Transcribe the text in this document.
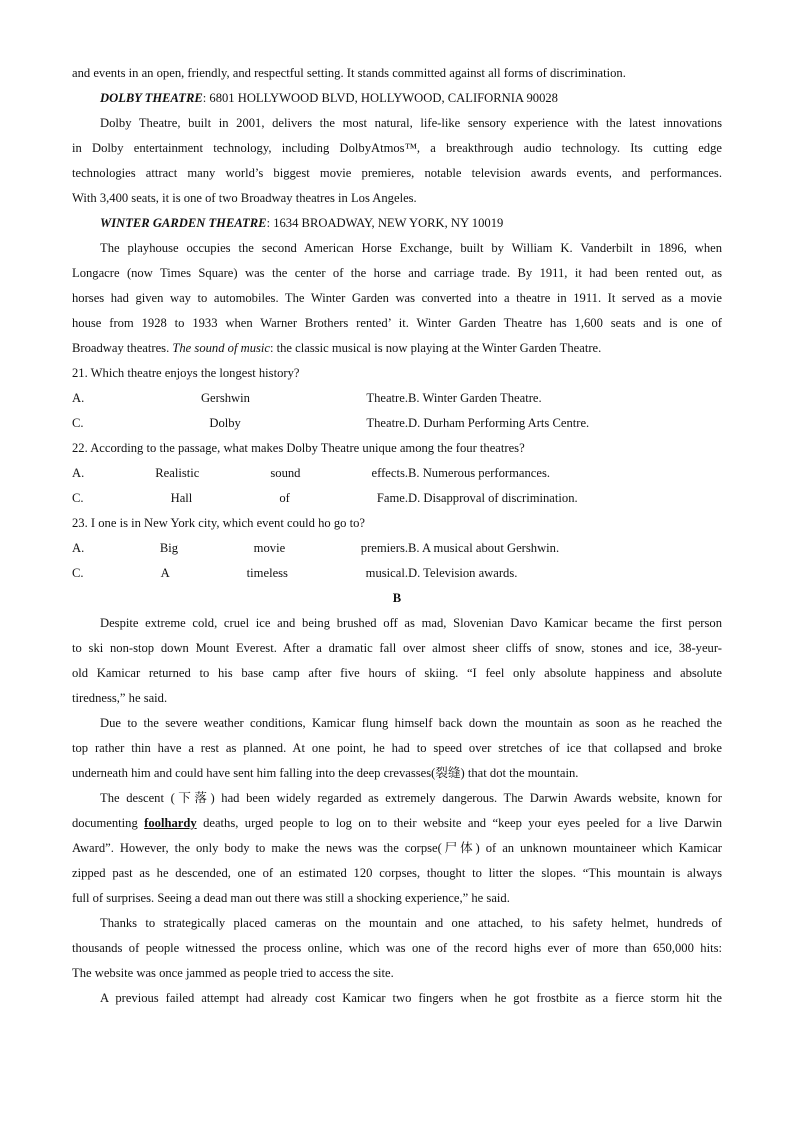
and events in an open, friendly, and respectful setting. It stands committed against all forms of discrimination.
DOLBY THEATRE: 6801 HOLLYWOOD BLVD, HOLLYWOOD, CALIFORNIA 90028
Dolby Theatre, built in 2001, delivers the most natural, life-like sensory experience with the latest innovations
in Dolby entertainment technology, including DolbyAtmos™, a breakthrough audio technology. Its cutting edge
technologies attract many world’s biggest movie premieres, notable television awards events, and performances.
With 3,400 seats, it is one of two Broadway theatres in Los Angeles.
WINTER GARDEN THEATRE: 1634 BROADWAY, NEW YORK, NY 10019
The playhouse occupies the second American Horse Exchange, built by William K. Vanderbilt in 1896, when
Longacre (now Times Square) was the center of the horse and carriage trade. By 1911, it had been rented out, as
horses had given way to automobiles. The Winter Garden was converted into a theatre in 1911. It served as a movie
house from 1928 to 1933 when Warner Brothers rented’ it. Winter Garden Theatre has 1,600 seats and is one of
Broadway theatres. The sound of music: the classic musical is now playing at the Winter Garden Theatre.
21. Which theatre enjoys the longest history?
A. Gershwin Theatre. B. Winter Garden Theatre.
C. Dolby Theatre. D. Durham Performing Arts Centre.
22. According to the passage, what makes Dolby Theatre unique among the four theatres?
A. Realistic sound effects. B. Numerous performances.
C. Hall of Fame. D. Disapproval of discrimination.
23. I one is in New York city, which event could ho go to?
A. Big movie premiers. B. A musical about Gershwin.
C. A timeless musical. D. Television awards.
B
Despite extreme cold, cruel ice and being brushed off as mad, Slovenian Davo Kamicar became the first person
to ski non-stop down Mount Everest. After a dramatic fall over almost sheer cliffs of snow, stones and ice, 38-yeur-
old Kamicar returned to his base camp after five hours of skiing. “I feel only absolute happiness and absolute
tiredness,” he said.
Due to the severe weather conditions, Kamicar flung himself back down the mountain as soon as he reached the
top rather thin have a rest as planned. At one point, he had to speed over stretches of ice that collapsed and broke
underneath him and could have sent him falling into the deep crevasses(裂缝) that dot the mountain.
The descent (下落) had been widely regarded as extremely dangerous. The Darwin Awards website, known for
documenting foolhardy deaths, urged people to log on to their website and “keep your eyes peeled for a live Darwin
Award”. However, the only body to make the news was the corpse(尸体) of an unknown mountaineer which Kamicar
zipped past as he descended, one of an estimated 120 corpses, thought to litter the slopes. “This mountain is always
full of surprises. Seeing a dead man out there was still a shocking experience,” he said.
Thanks to strategically placed cameras on the mountain and one attached, to his safety helmet, hundreds of
thousands of people witnessed the process online, which was one of the record highs ever of more than 650,000 hits:
The website was once jammed as people tried to access the site.
A previous failed attempt had already cost Kamicar two fingers when he got frostbite as a fierce storm hit the
